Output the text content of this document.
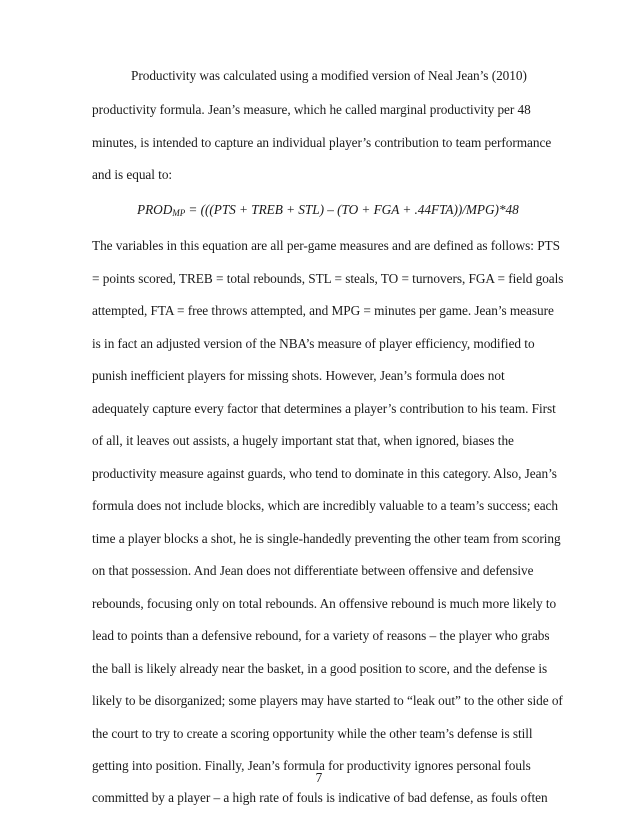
Productivity was calculated using a modified version of Neal Jean’s (2010)
productivity formula. Jean’s measure, which he called marginal productivity per 48
minutes, is intended to capture an individual player’s contribution to team performance
and is equal to:
$PROD_{MP} = (((PTS$ + TREB + STL) – (TO + FGA + .44FTA))/MPG)*48
The variables in this equation are all per-game measures and are defined as follows: PTS
= points scored, TREB = total rebounds, STL = steals, TO = turnovers, FGA = field goals
attempted, FTA = free throws attempted, and MPG = minutes per game. Jean’s measure
is in fact an adjusted version of the NBA’s measure of player efficiency, modified to
punish inefficient players for missing shots. However, Jean’s formula does not
adequately capture every factor that determines a player’s contribution to his team. First
of all, it leaves out assists, a hugely important stat that, when ignored, biases the
productivity measure against guards, who tend to dominate in this category. Also, Jean’s
formula does not include blocks, which are incredibly valuable to a team’s success; each
time a player blocks a shot, he is single-handedly preventing the other team from scoring
on that possession. And Jean does not differentiate between offensive and defensive
rebounds, focusing only on total rebounds. An offensive rebound is much more likely to
lead to points than a defensive rebound, for a variety of reasons – the player who grabs
the ball is likely already near the basket, in a good position to score, and the defense is
likely to be disorganized; some players may have started to “leak out” to the other side of
the court to try to create a scoring opportunity while the other team’s defense is still
getting into position. Finally, Jean’s formula for productivity ignores personal fouls
committed by a player – a high rate of fouls is indicative of bad defense, as fouls often
7
